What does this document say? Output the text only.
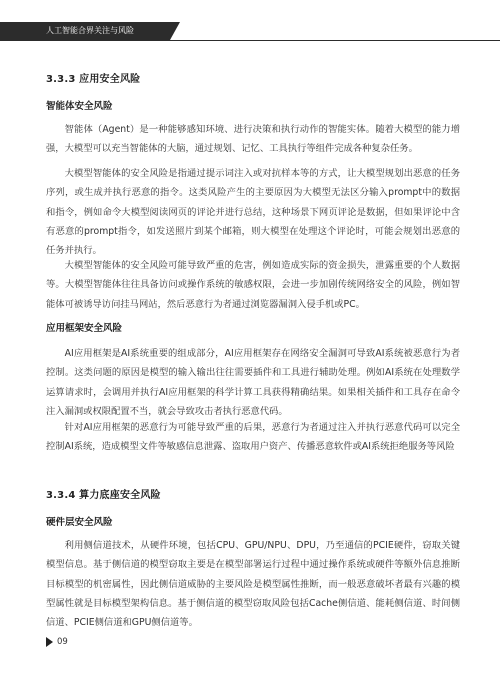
人工智能合界关注与风险
3.3.3 应用安全风险
智能体安全风险

智能体（Agent）是一种能够感知环境、进行决策和执行动作的智能实体。随着大模型的能力增强，大模型可以充当智能体的大脑，通过规划、记忆、工具执行等组件完成各种复杂任务。

大模型智能体的安全风险是指通过提示词注入或对抗样本等的方式，让大模型规划出恶意的任务序列，或生成并执行恶意的指令。这类风险产生的主要原因为大模型无法区分输入prompt中的数据和指令，例如命令大模型阅读网页的评论并进行总结，这种场景下网页评论是数据，但如果评论中含有恶意的prompt指令，如发送照片到某个邮箱，则大模型在处理这个评论时，可能会规划出恶意的任务并执行。

大模型智能体的安全风险可能导致严重的危害，例如造成实际的资金损失，泄露重要的个人数据等。大模型智能体往往具备访问或操作系统的敏感权限，会进一步加剧传统网络安全的风险，例如智能体可被诱导访问挂马网站，然后恶意行为者通过浏览器漏洞入侵手机或PC。

应用框架安全风险

AI应用框架是AI系统重要的组成部分，AI应用框架存在网络安全漏洞可导致AI系统被恶意行为者控制。这类问题的原因是模型的输入输出往往需要插件和工具进行辅助处理。例如AI系统在处理数学运算请求时，会调用并执行AI应用框架的科学计算工具获得精确结果。如果相关插件和工具存在命令注入漏洞或权限配置不当，就会导致攻击者执行恶意代码。

针对AI应用框架的恶意行为可能导致严重的后果，恶意行为者通过注入并执行恶意代码可以完全控制AI系统，造成模型文件等敏感信息泄露、盗取用户资产、传播恶意软件或AI系统拒绝服务等风险

3.3.4 算力底座安全风险
硬件层安全风险

利用侧信道技术，从硬件环境，包括CPU、GPU/NPU、DPU，乃至通信的PCIE硬件，窃取关键模型信息。基于侧信道的模型窃取主要是在模型部署运行过程中通过操作系统或硬件等额外信息推断目标模型的机密属性，因此侧信道威胁的主要风险是模型属性推断，而一般恶意破坏者最有兴趣的模型属性就是目标模型架构信息。基于侧信道的模型窃取风险包括Cache侧信道、能耗侧信道、时间侧信道、PCIE侧信道和GPU侧信道等。

09
